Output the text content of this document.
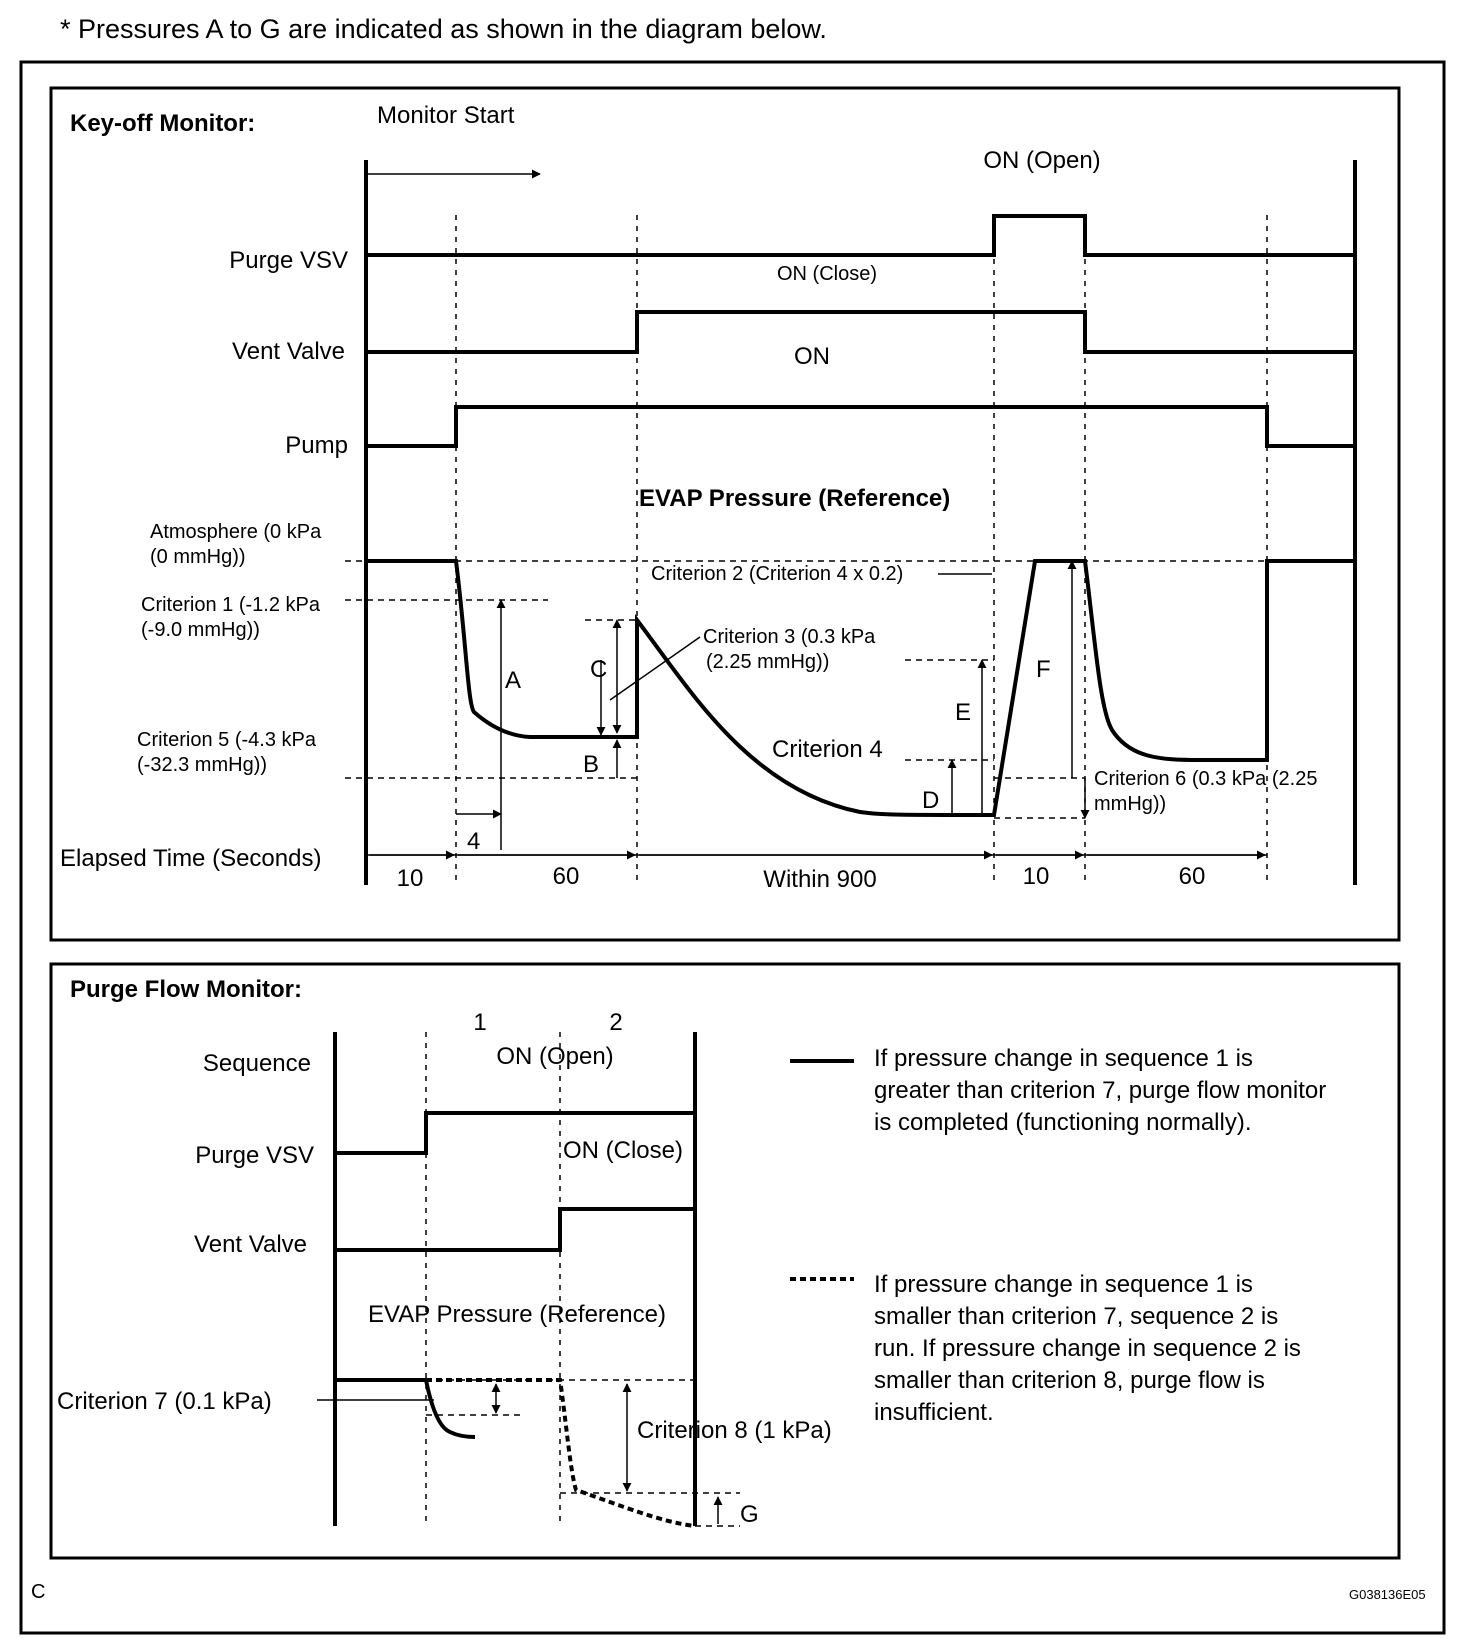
* Pressures A to G are indicated as shown in the diagram below.
C	G038136E05
Key-off Monitor:	Monitor Start
Purge VSV
ON (Open)
ON (Close)
Vent Valve	ON
Pump
EVAP Pressure (Reference)
Atmosphere (0 kPa
(0 mmHg))
Criterion 1 (-1.2 kPa
(-9.0 mmHg))
Criterion 5 (-4.3 kPa
(-32.3 mmHg))
Criterion 2 (Criterion 4 x 0.2)
Criterion 3 (0.3 kPa
(2.25 mmHg))
Criterion 4
Criterion 6 (0.3 kPa (2.25
mmHg))
A	C
B
D
E
F
4
Elapsed Time (Seconds)
10	60	Within 900	10	60
Purge Flow Monitor:
Sequence
1	2
ON (Open)
Purge VSV	ON (Close)
Vent Valve
EVAP Pressure (Reference)
Criterion 7 (0.1 kPa)
Criterion 8 (1 kPa)
G
If pressure change in sequence 1 is
greater than criterion 7, purge flow monitor
is completed (functioning normally).
If pressure change in sequence 1 is
smaller than criterion 7, sequence 2 is
run. If pressure change in sequence 2 is
smaller than criterion 8, purge flow is
insufficient.
